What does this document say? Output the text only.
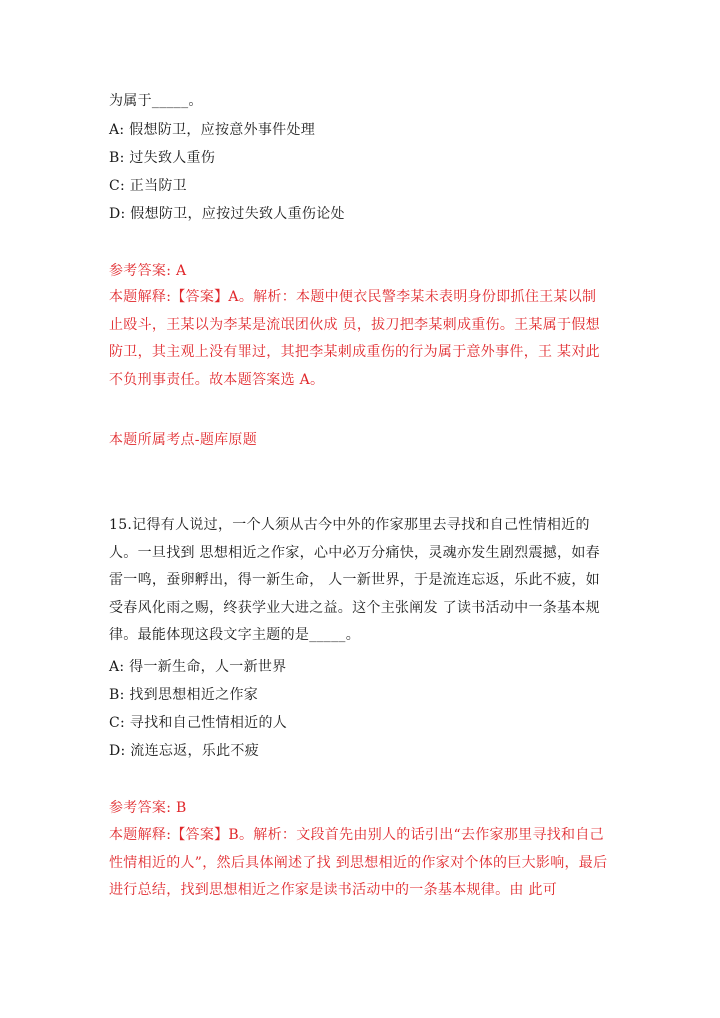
为属于_____。
A: 假想防卫，应按意外事件处理
B: 过失致人重伤
C: 正当防卫
D: 假想防卫，应按过失致人重伤论处
参考答案: A
本题解释:【答案】A。解析：本题中便衣民警李某未表明身份即抓住王某以制止殴斗，王某以为李某是流氓团伙成 员，拔刀把李某刺成重伤。王某属于假想防卫，其主观上没有罪过，其把李某刺成重伤的行为属于意外事件，王 某对此不负刑事责任。故本题答案选 A。
本题所属考点-题库原题
15.记得有人说过，一个人须从古今中外的作家那里去寻找和自己性情相近的人。一旦找到 思想相近之作家，心中必万分痛快，灵魂亦发生剧烈震撼，如春雷一鸣，蚕卵孵出，得一新生命， 人一新世界，于是流连忘返，乐此不疲，如受春风化雨之赐，终获学业大进之益。这个主张阐发 了读书活动中一条基本规律。最能体现这段文字主题的是_____。
A: 得一新生命，人一新世界
B: 找到思想相近之作家
C: 寻找和自己性情相近的人
D: 流连忘返，乐此不疲
参考答案: B
本题解释:【答案】B。解析：文段首先由别人的话引出“去作家那里寻找和自己性情相近的人”，然后具体阐述了找 到思想相近的作家对个体的巨大影响，最后进行总结，找到思想相近之作家是读书活动中的一条基本规律。由 此可
